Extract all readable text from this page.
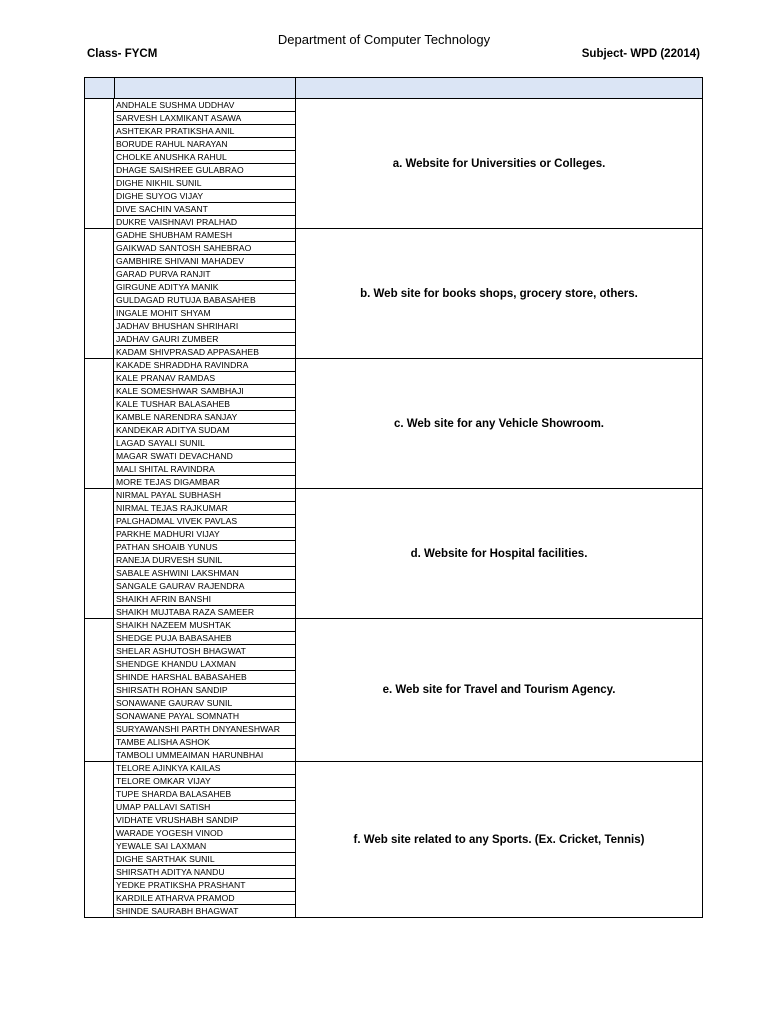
Department of Computer Technology
Class- FYCM	Subject- WPD (22014)
ANDHALE SUSHMA UDDHAV
SARVESH LAXMIKANT ASAWA
ASHTEKAR PRATIKSHA ANIL
BORUDE RAHUL NARAYAN
CHOLKE ANUSHKA RAHUL
DHAGE SAISHREE GULABRAO
DIGHE NIKHIL SUNIL
DIGHE SUYOG VIJAY
DIVE SACHIN VASANT
DUKRE VAISHNAVI PRALHAD
a. Website for Universities or Colleges.
GADHE SHUBHAM RAMESH
GAIKWAD SANTOSH SAHEBRAO
GAMBHIRE SHIVANI MAHADEV
GARAD PURVA RANJIT
GIRGUNE ADITYA MANIK
GULDAGAD RUTUJA BABASAHEB
INGALE MOHIT SHYAM
JADHAV BHUSHAN SHRIHARI
JADHAV GAURI ZUMBER
KADAM SHIVPRASAD APPASAHEB
b. Web site for books shops, grocery store, others.
KAKADE SHRADDHA RAVINDRA
KALE PRANAV RAMDAS
KALE SOMESHWAR SAMBHAJI
KALE TUSHAR BALASAHEB
KAMBLE NARENDRA SANJAY
KANDEKAR ADITYA SUDAM
LAGAD SAYALI SUNIL
MAGAR SWATI DEVACHAND
MALI SHITAL RAVINDRA
MORE TEJAS DIGAMBAR
c. Web site for any Vehicle Showroom.
NIRMAL PAYAL SUBHASH
NIRMAL TEJAS RAJKUMAR
PALGHADMAL VIVEK PAVLAS
PARKHE MADHURI VIJAY
PATHAN SHOAIB YUNUS
RANEJA DURVESH SUNIL
SABALE ASHWINI LAKSHMAN
SANGALE GAURAV RAJENDRA
SHAIKH AFRIN BANSHI
SHAIKH MUJTABA RAZA SAMEER
d. Website for Hospital facilities.
SHAIKH NAZEEM MUSHTAK
SHEDGE PUJA BABASAHEB
SHELAR ASHUTOSH BHAGWAT
SHENDGE KHANDU LAXMAN
SHINDE HARSHAL BABASAHEB
SHIRSATH ROHAN SANDIP
SONAWANE GAURAV SUNIL
SONAWANE PAYAL SOMNATH
SURYAWANSHI PARTH DNYANESHWAR
TAMBE ALISHA ASHOK
TAMBOLI UMMEAIMAN HARUNBHAI
e. Web site for Travel and Tourism Agency.
TELORE AJINKYA KAILAS
TELORE OMKAR VIJAY
TUPE SHARDA BALASAHEB
UMAP PALLAVI SATISH
VIDHATE VRUSHABH SANDIP
WARADE YOGESH VINOD
YEWALE SAI LAXMAN
DIGHE SARTHAK SUNIL
SHIRSATH ADITYA NANDU
YEDKE PRATIKSHA PRASHANT
KARDILE ATHARVA PRAMOD
SHINDE SAURABH BHAGWAT
f. Web site related to any Sports. (Ex. Cricket, Tennis)
